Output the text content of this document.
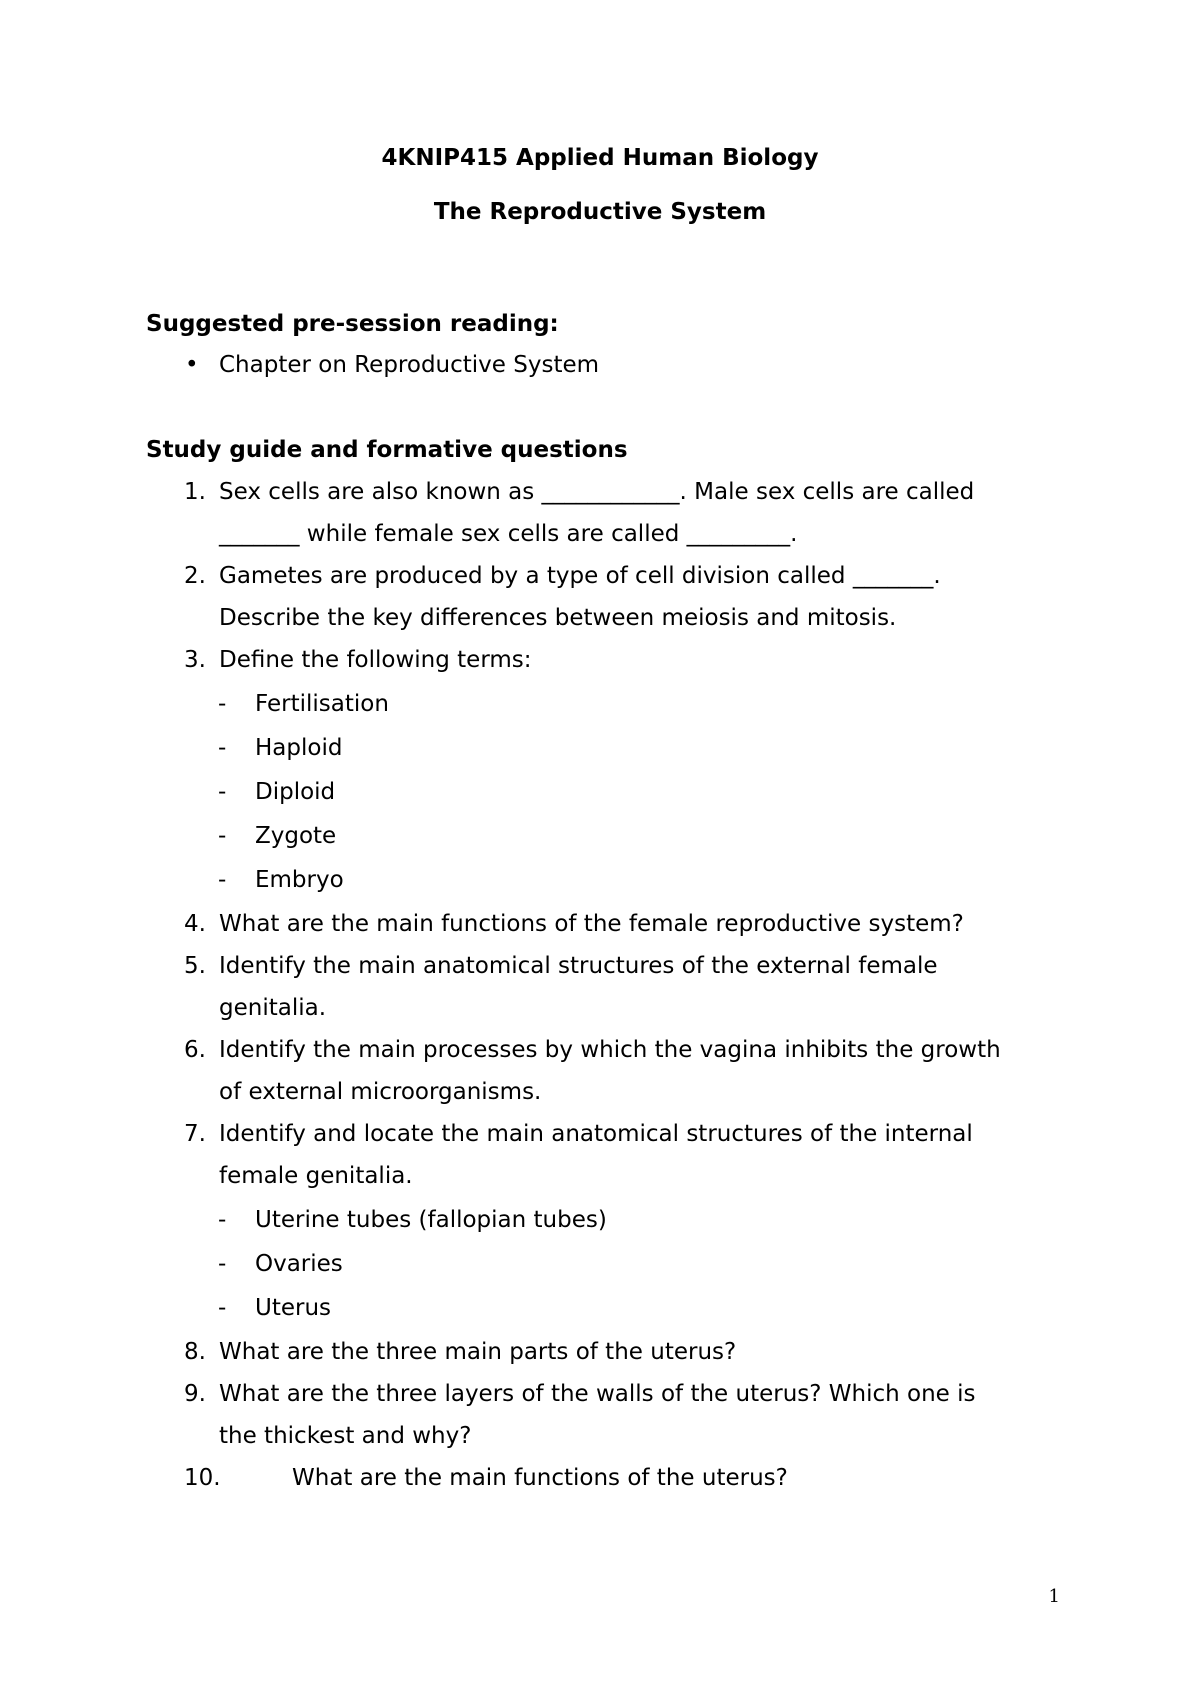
4KNIP415 Applied Human Biology
The Reproductive System
Suggested pre-session reading:
• Chapter on Reproductive System
Study guide and formative questions
1. Sex cells are also known as ____________. Male sex cells are called
_______ while female sex cells are called _________.
2. Gametes are produced by a type of cell division called _______.
Describe the key differences between meiosis and mitosis.
3. Define the following terms:
- Fertilisation
- Haploid
- Diploid
- Zygote
- Embryo
4. What are the main functions of the female reproductive system?
5. Identify the main anatomical structures of the external female
genitalia.
6. Identify the main processes by which the vagina inhibits the growth
of external microorganisms.
7. Identify and locate the main anatomical structures of the internal
female genitalia.
- Uterine tubes (fallopian tubes)
- Ovaries
- Uterus
8. What are the three main parts of the uterus?
9. What are the three layers of the walls of the uterus? Which one is
the thickest and why?
10.	What are the main functions of the uterus?
1
